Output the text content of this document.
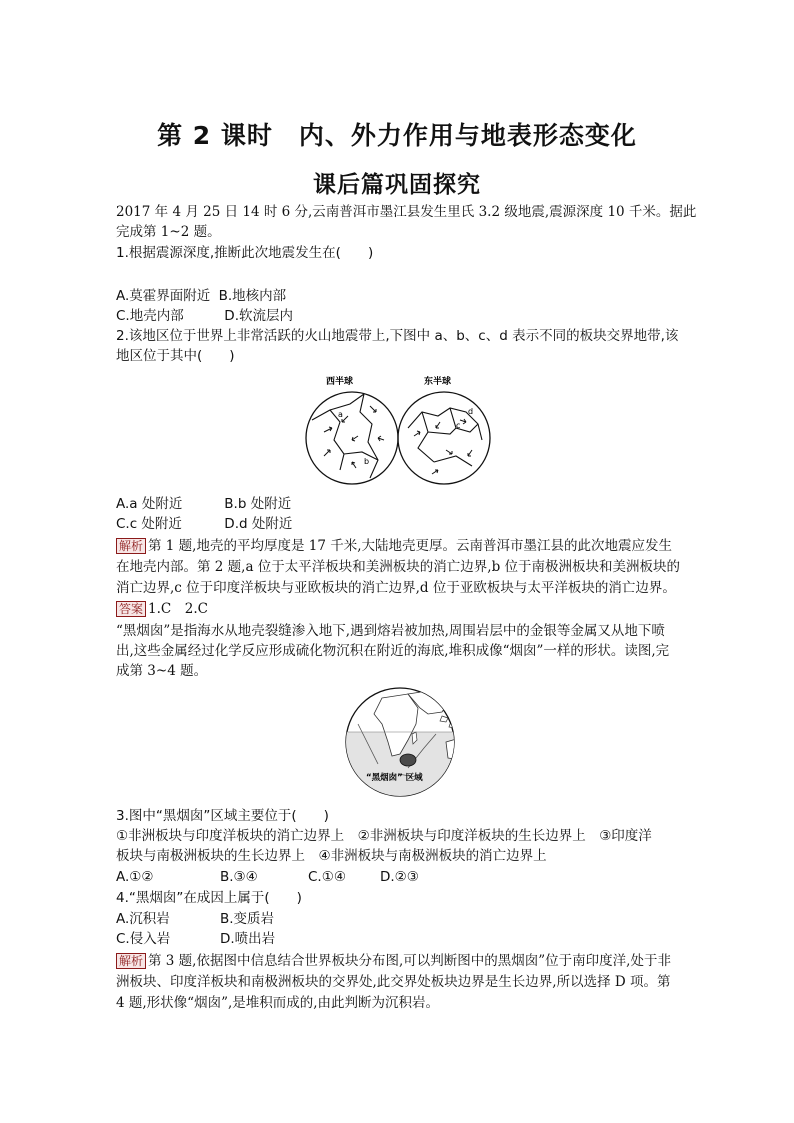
第 2 课时　内、外力作用与地表形态变化
课后篇巩固探究
2017 年 4 月 25 日 14 时 6 分,云南普洱市墨江县发生里氏 3.2 级地震,震源深度 10 千米。据此
完成第 1~2 题。
1.根据震源深度,推断此次地震发生在(　　)
A.莫霍界面附近 B.地核内部
C.地壳内部	D.软流层内
2.该地区位于世界上非常活跃的火山地震带上,下图中 a、b、c、d 表示不同的板块交界地带,该
地区位于其中(　　)
西半球	东半球
a
b
c
d
A.a 处附近	B.b 处附近
C.c 处附近	D.d 处附近
解析 第 1 题,地壳的平均厚度是 17 千米,大陆地壳更厚。云南普洱市墨江县的此次地震应发生
在地壳内部。第 2 题,a 位于太平洋板块和美洲板块的消亡边界,b 位于南极洲板块和美洲板块的
消亡边界,c 位于印度洋板块与亚欧板块的消亡边界,d 位于亚欧板块与太平洋板块的消亡边界。
答案 1.C　2.C
“黑烟囱”是指海水从地壳裂缝渗入地下,遇到熔岩被加热,周围岩层中的金银等金属又从地下喷
出,这些金属经过化学反应形成硫化物沉积在附近的海底,堆积成像“烟囱”一样的形状。读图,完
成第 3~4 题。
“黑烟囱” 区域
3.图中“黑烟囱”区域主要位于(　　)
①非洲板块与印度洋板块的消亡边界上　②非洲板块与印度洋板块的生长边界上　③印度洋
板块与南极洲板块的生长边界上　④非洲板块与南极洲板块的消亡边界上
A.①②	B.③④	C.①④	D.②③
4.“黑烟囱”在成因上属于(　　)
A.沉积岩	B.变质岩
C.侵入岩	D.喷出岩
解析 第 3 题,依据图中信息结合世界板块分布图,可以判断图中的黑烟囱”位于南印度洋,处于非
洲板块、印度洋板块和南极洲板块的交界处,此交界处板块边界是生长边界,所以选择 D 项。第
4 题,形状像“烟囱”,是堆积而成的,由此判断为沉积岩。
